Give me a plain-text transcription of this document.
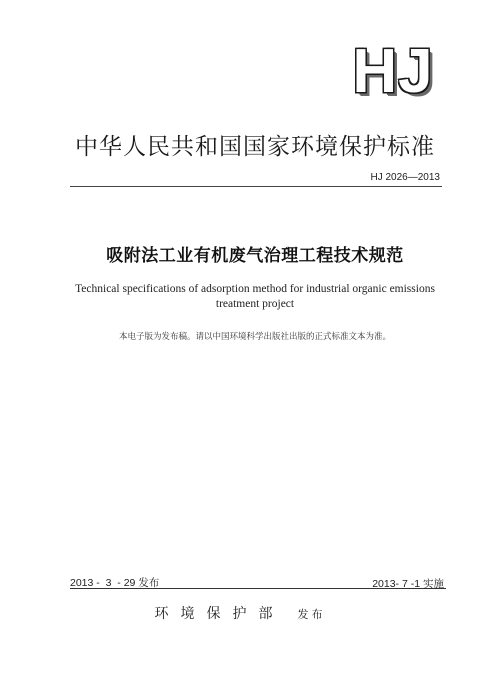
HJ
中华人民共和国国家环境保护标准
HJ 2026—2013
吸附法工业有机废气治理工程技术规范
Technical specifications of adsorption method for industrial organic emissions
treatment project
本电子版为发布稿。请以中国环境科学出版社出版的正式标准文本为准。
2013 -  3  - 29 发布	2013- 7 -1 实施
环境保护部 发布
